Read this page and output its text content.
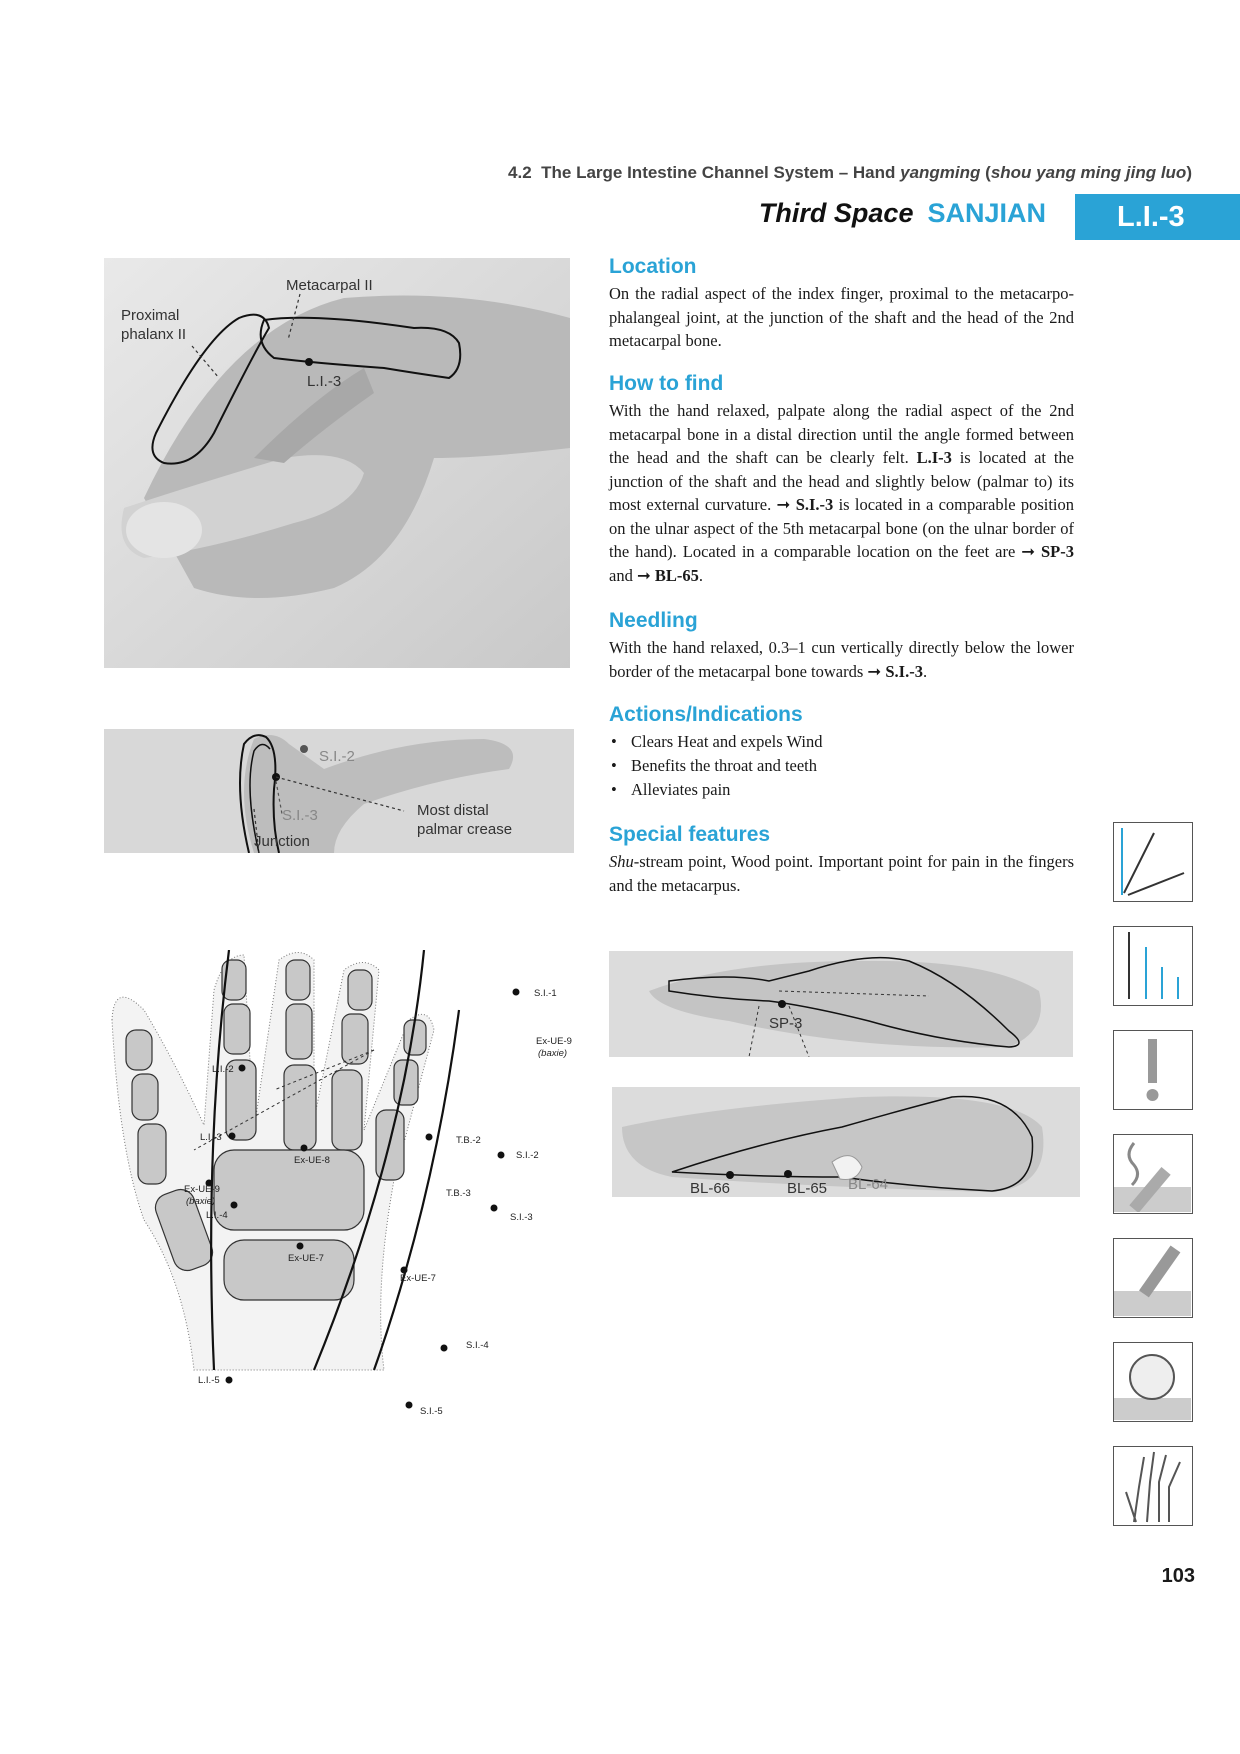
4.2 The Large Intestine Channel System – Hand yangming (shou yang ming jing luo)
Third Space SANJIAN L.I.-3
Metacarpal II
Proximal
phalanx II
L.I.-3
S.I.-2
S.I.-3	Most distal
palmar crease
Junction
S.I.-1
Ex-UE-9
(baxie)
L.I.-2
L.I.-3	T.B.-2
S.I.-2
Ex-UE-8
Ex-UE-9
(baxie)
L.I.-4
T.B.-3
S.I.-3
Ex-UE-7
Ex-UE-7
S.I.-4
L.I.-5
S.I.-5
SP-3
BL-66	BL-65 BL-64
Location
On the radial aspect of the index finger, proximal to the metacarpo-phalangeal joint, at the junction of the shaft and the head of the 2nd metacarpal bone.
How to find
With the hand relaxed, palpate along the radial aspect of the 2nd metacarpal bone in a distal direction until the angle formed between the head and the shaft can be clearly felt. L.I-3 is located at the junction of the shaft and the head and slightly below (palmar to) its most external curvature. ➞ S.I.-3 is located in a comparable position on the ulnar aspect of the 5th metacarpal bone (on the ulnar border of the hand). Located in a comparable location on the feet are ➞ SP-3 and ➞ BL-65.
Needling
With the hand relaxed, 0.3–1 cun vertically directly below the lower border of the metacarpal bone towards ➞ S.I.-3.
Actions/Indications
• Clears Heat and expels Wind
• Benefits the throat and teeth
• Alleviates pain
Special features
Shu-stream point, Wood point. Important point for pain in the fingers and the metacarpus.
103
